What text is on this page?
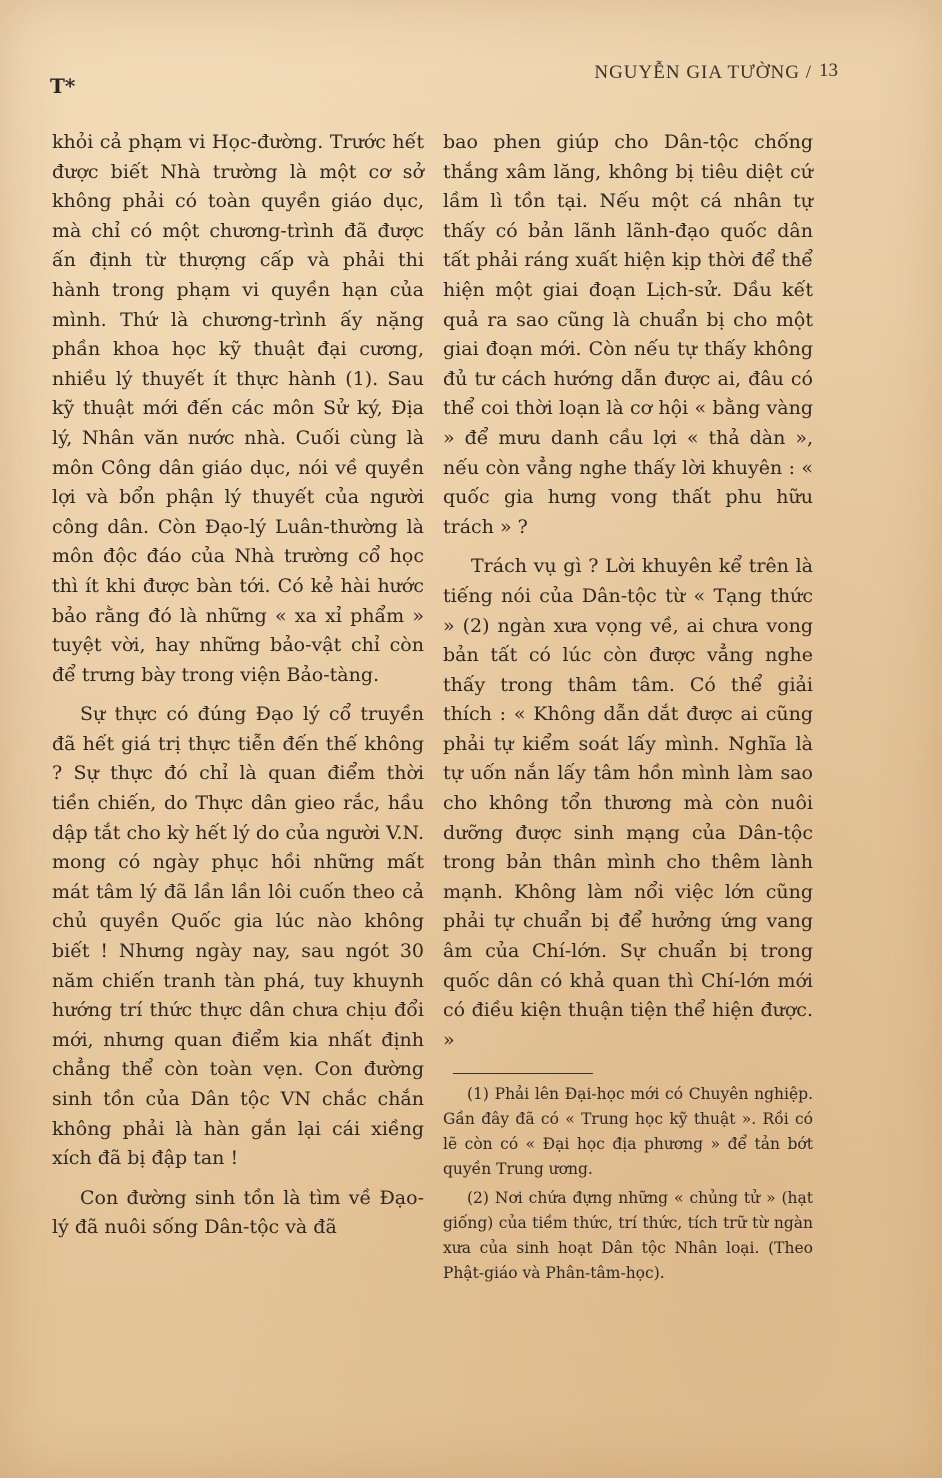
T*
NGUYỄN GIA TƯỜNG / 13

khỏi cả phạm vi Học-đường. Trước hết được biết Nhà trường là một cơ sở không phải có toàn quyền giáo dục, mà chỉ có một chương-trình đã được ấn định từ thượng cấp và phải thi hành trong phạm vi quyền hạn của mình. Thứ là chương-trình ấy nặng phần khoa học kỹ thuật đại cương, nhiều lý thuyết ít thực hành (1). Sau kỹ thuật mới đến các môn Sử ký, Địa lý, Nhân văn nước nhà. Cuối cùng là môn Công dân giáo dục, nói về quyền lợi và bổn phận lý thuyết của người công dân. Còn Đạo-lý Luân-thường là môn độc đáo của Nhà trường cổ học thì ít khi được bàn tới. Có kẻ hài hước bảo rằng đó là những « xa xỉ phẩm » tuyệt vời, hay những bảo-vật chỉ còn để trưng bày trong viện Bảo-tàng.

Sự thực có đúng Đạo lý cổ truyền đã hết giá trị thực tiễn đến thế không ? Sự thực đó chỉ là quan điểm thời tiền chiến, do Thực dân gieo rắc, hầu dập tắt cho kỳ hết lý do của người V.N. mong có ngày phục hồi những mất mát tâm lý đã lần lần lôi cuốn theo cả chủ quyền Quốc gia lúc nào không biết ! Nhưng ngày nay, sau ngót 30 năm chiến tranh tàn phá, tuy khuynh hướng trí thức thực dân chưa chịu đổi mới, nhưng quan điểm kia nhất định chẳng thể còn toàn vẹn. Con đường sinh tồn của Dân tộc VN chắc chắn không phải là hàn gắn lại cái xiềng xích đã bị đập tan !

Con đường sinh tồn là tìm về Đạo-lý đã nuôi sống Dân-tộc và đã

bao phen giúp cho Dân-tộc chống thắng xâm lăng, không bị tiêu diệt cứ lầm lì tồn tại. Nếu một cá nhân tự thấy có bản lãnh lãnh-đạo quốc dân tất phải ráng xuất hiện kịp thời để thể hiện một giai đoạn Lịch-sử. Dầu kết quả ra sao cũng là chuẩn bị cho một giai đoạn mới. Còn nếu tự thấy không đủ tư cách hướng dẫn được ai, đâu có thể coi thời loạn là cơ hội « bằng vàng » để mưu danh cầu lợi « thả dàn », nếu còn vẳng nghe thấy lời khuyên : « quốc gia hưng vong thất phu hữu trách » ?

Trách vụ gì ? Lời khuyên kể trên là tiếng nói của Dân-tộc từ « Tạng thức » (2) ngàn xưa vọng về, ai chưa vong bản tất có lúc còn được vẳng nghe thấy trong thâm tâm. Có thể giải thích : « Không dẫn dắt được ai cũng phải tự kiểm soát lấy mình. Nghĩa là tự uốn nắn lấy tâm hồn mình làm sao cho không tổn thương mà còn nuôi dưỡng được sinh mạng của Dân-tộc trong bản thân mình cho thêm lành mạnh. Không làm nổi việc lớn cũng phải tự chuẩn bị để hưởng ứng vang âm của Chí-lớn. Sự chuẩn bị trong quốc dân có khả quan thì Chí-lớn mới có điều kiện thuận tiện thể hiện được. »

(1) Phải lên Đại-học mới có Chuyên nghiệp. Gần đây đã có « Trung học kỹ thuật ». Rồi có lẽ còn có « Đại học địa phương » để tản bớt quyền Trung ương.

(2) Nơi chứa đựng những « chủng tử » (hạt giống) của tiềm thức, trí thức, tích trữ từ ngàn xưa của sinh hoạt Dân tộc Nhân loại. (Theo Phật-giáo và Phân-tâm-học).
